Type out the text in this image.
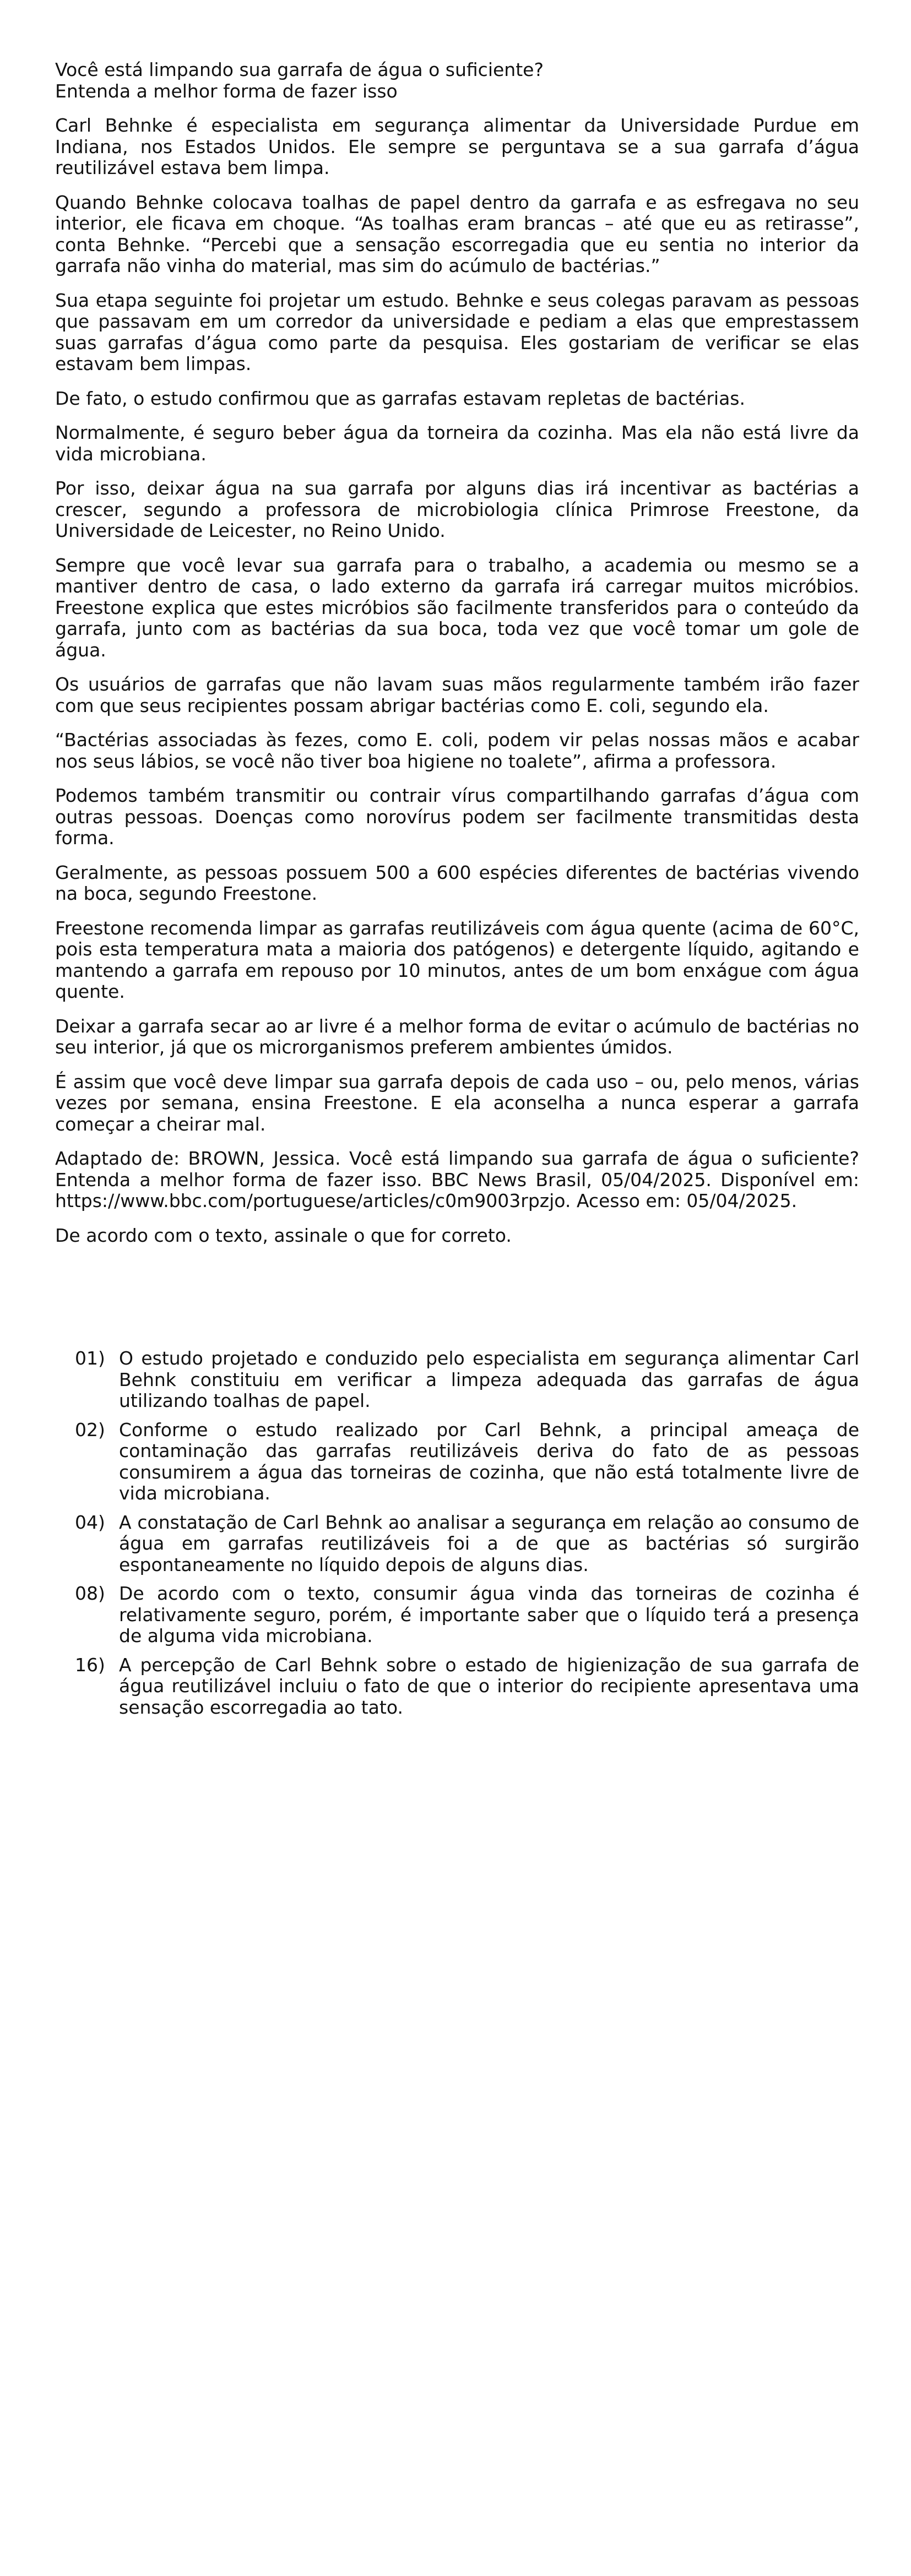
Você está limpando sua garrafa de água o suficiente?
Entenda a melhor forma de fazer isso

Carl Behnke é especialista em segurança alimentar da Universidade Purdue em Indiana, nos Estados Unidos. Ele sempre se perguntava se a sua garrafa d’água reutilizável estava bem limpa.

Quando Behnke colocava toalhas de papel dentro da garrafa e as esfregava no seu interior, ele ficava em choque. “As toalhas eram brancas – até que eu as retirasse”, conta Behnke. “Percebi que a sensação escorregadia que eu sentia no interior da garrafa não vinha do material, mas sim do acúmulo de bactérias.”

Sua etapa seguinte foi projetar um estudo. Behnke e seus colegas paravam as pessoas que passavam em um corredor da universidade e pediam a elas que emprestassem suas garrafas d’água como parte da pesquisa. Eles gostariam de verificar se elas estavam bem limpas.

De fato, o estudo confirmou que as garrafas estavam repletas de bactérias.

Normalmente, é seguro beber água da torneira da cozinha. Mas ela não está livre da vida microbiana.

Por isso, deixar água na sua garrafa por alguns dias irá incentivar as bactérias a crescer, segundo a professora de microbiologia clínica Primrose Freestone, da Universidade de Leicester, no Reino Unido.

Sempre que você levar sua garrafa para o trabalho, a academia ou mesmo se a mantiver dentro de casa, o lado externo da garrafa irá carregar muitos micróbios. Freestone explica que estes micróbios são facilmente transferidos para o conteúdo da garrafa, junto com as bactérias da sua boca, toda vez que você tomar um gole de água.

Os usuários de garrafas que não lavam suas mãos regularmente também irão fazer com que seus recipientes possam abrigar bactérias como E. coli, segundo ela.

“Bactérias associadas às fezes, como E. coli, podem vir pelas nossas mãos e acabar nos seus lábios, se você não tiver boa higiene no toalete”, afirma a professora.

Podemos também transmitir ou contrair vírus compartilhando garrafas d’água com outras pessoas. Doenças como norovírus podem ser facilmente transmitidas desta forma.

Geralmente, as pessoas possuem 500 a 600 espécies diferentes de bactérias vivendo na boca, segundo Freestone.

Freestone recomenda limpar as garrafas reutilizáveis com água quente (acima de 60°C, pois esta temperatura mata a maioria dos patógenos) e detergente líquido, agitando e mantendo a garrafa em repouso por 10 minutos, antes de um bom enxágue com água quente.

Deixar a garrafa secar ao ar livre é a melhor forma de evitar o acúmulo de bactérias no seu interior, já que os microrganismos preferem ambientes úmidos.

É assim que você deve limpar sua garrafa depois de cada uso – ou, pelo menos, várias vezes por semana, ensina Freestone. E ela aconselha a nunca esperar a garrafa começar a cheirar mal.

Adaptado de: BROWN, Jessica. Você está limpando sua garrafa de água o suficiente? Entenda a melhor forma de fazer isso. BBC News Brasil, 05/04/2025. Disponível em: https://www.bbc.com/portuguese/articles/c0m9003rpzjo. Acesso em: 05/04/2025.

De acordo com o texto, assinale o que for correto.

01) O estudo projetado e conduzido pelo especialista em segurança alimentar Carl Behnk constituiu em verificar a limpeza adequada das garrafas de água utilizando toalhas de papel.
02) Conforme o estudo realizado por Carl Behnk, a principal ameaça de contaminação das garrafas reutilizáveis deriva do fato de as pessoas consumirem a água das torneiras de cozinha, que não está totalmente livre de vida microbiana.
04) A constatação de Carl Behnk ao analisar a segurança em relação ao consumo de água em garrafas reutilizáveis foi a de que as bactérias só surgirão espontaneamente no líquido depois de alguns dias.
08) De acordo com o texto, consumir água vinda das torneiras de cozinha é relativamente seguro, porém, é importante saber que o líquido terá a presença de alguma vida microbiana.
16) A percepção de Carl Behnk sobre o estado de higienização de sua garrafa de água reutilizável incluiu o fato de que o interior do recipiente apresentava uma sensação escorregadia ao tato.
